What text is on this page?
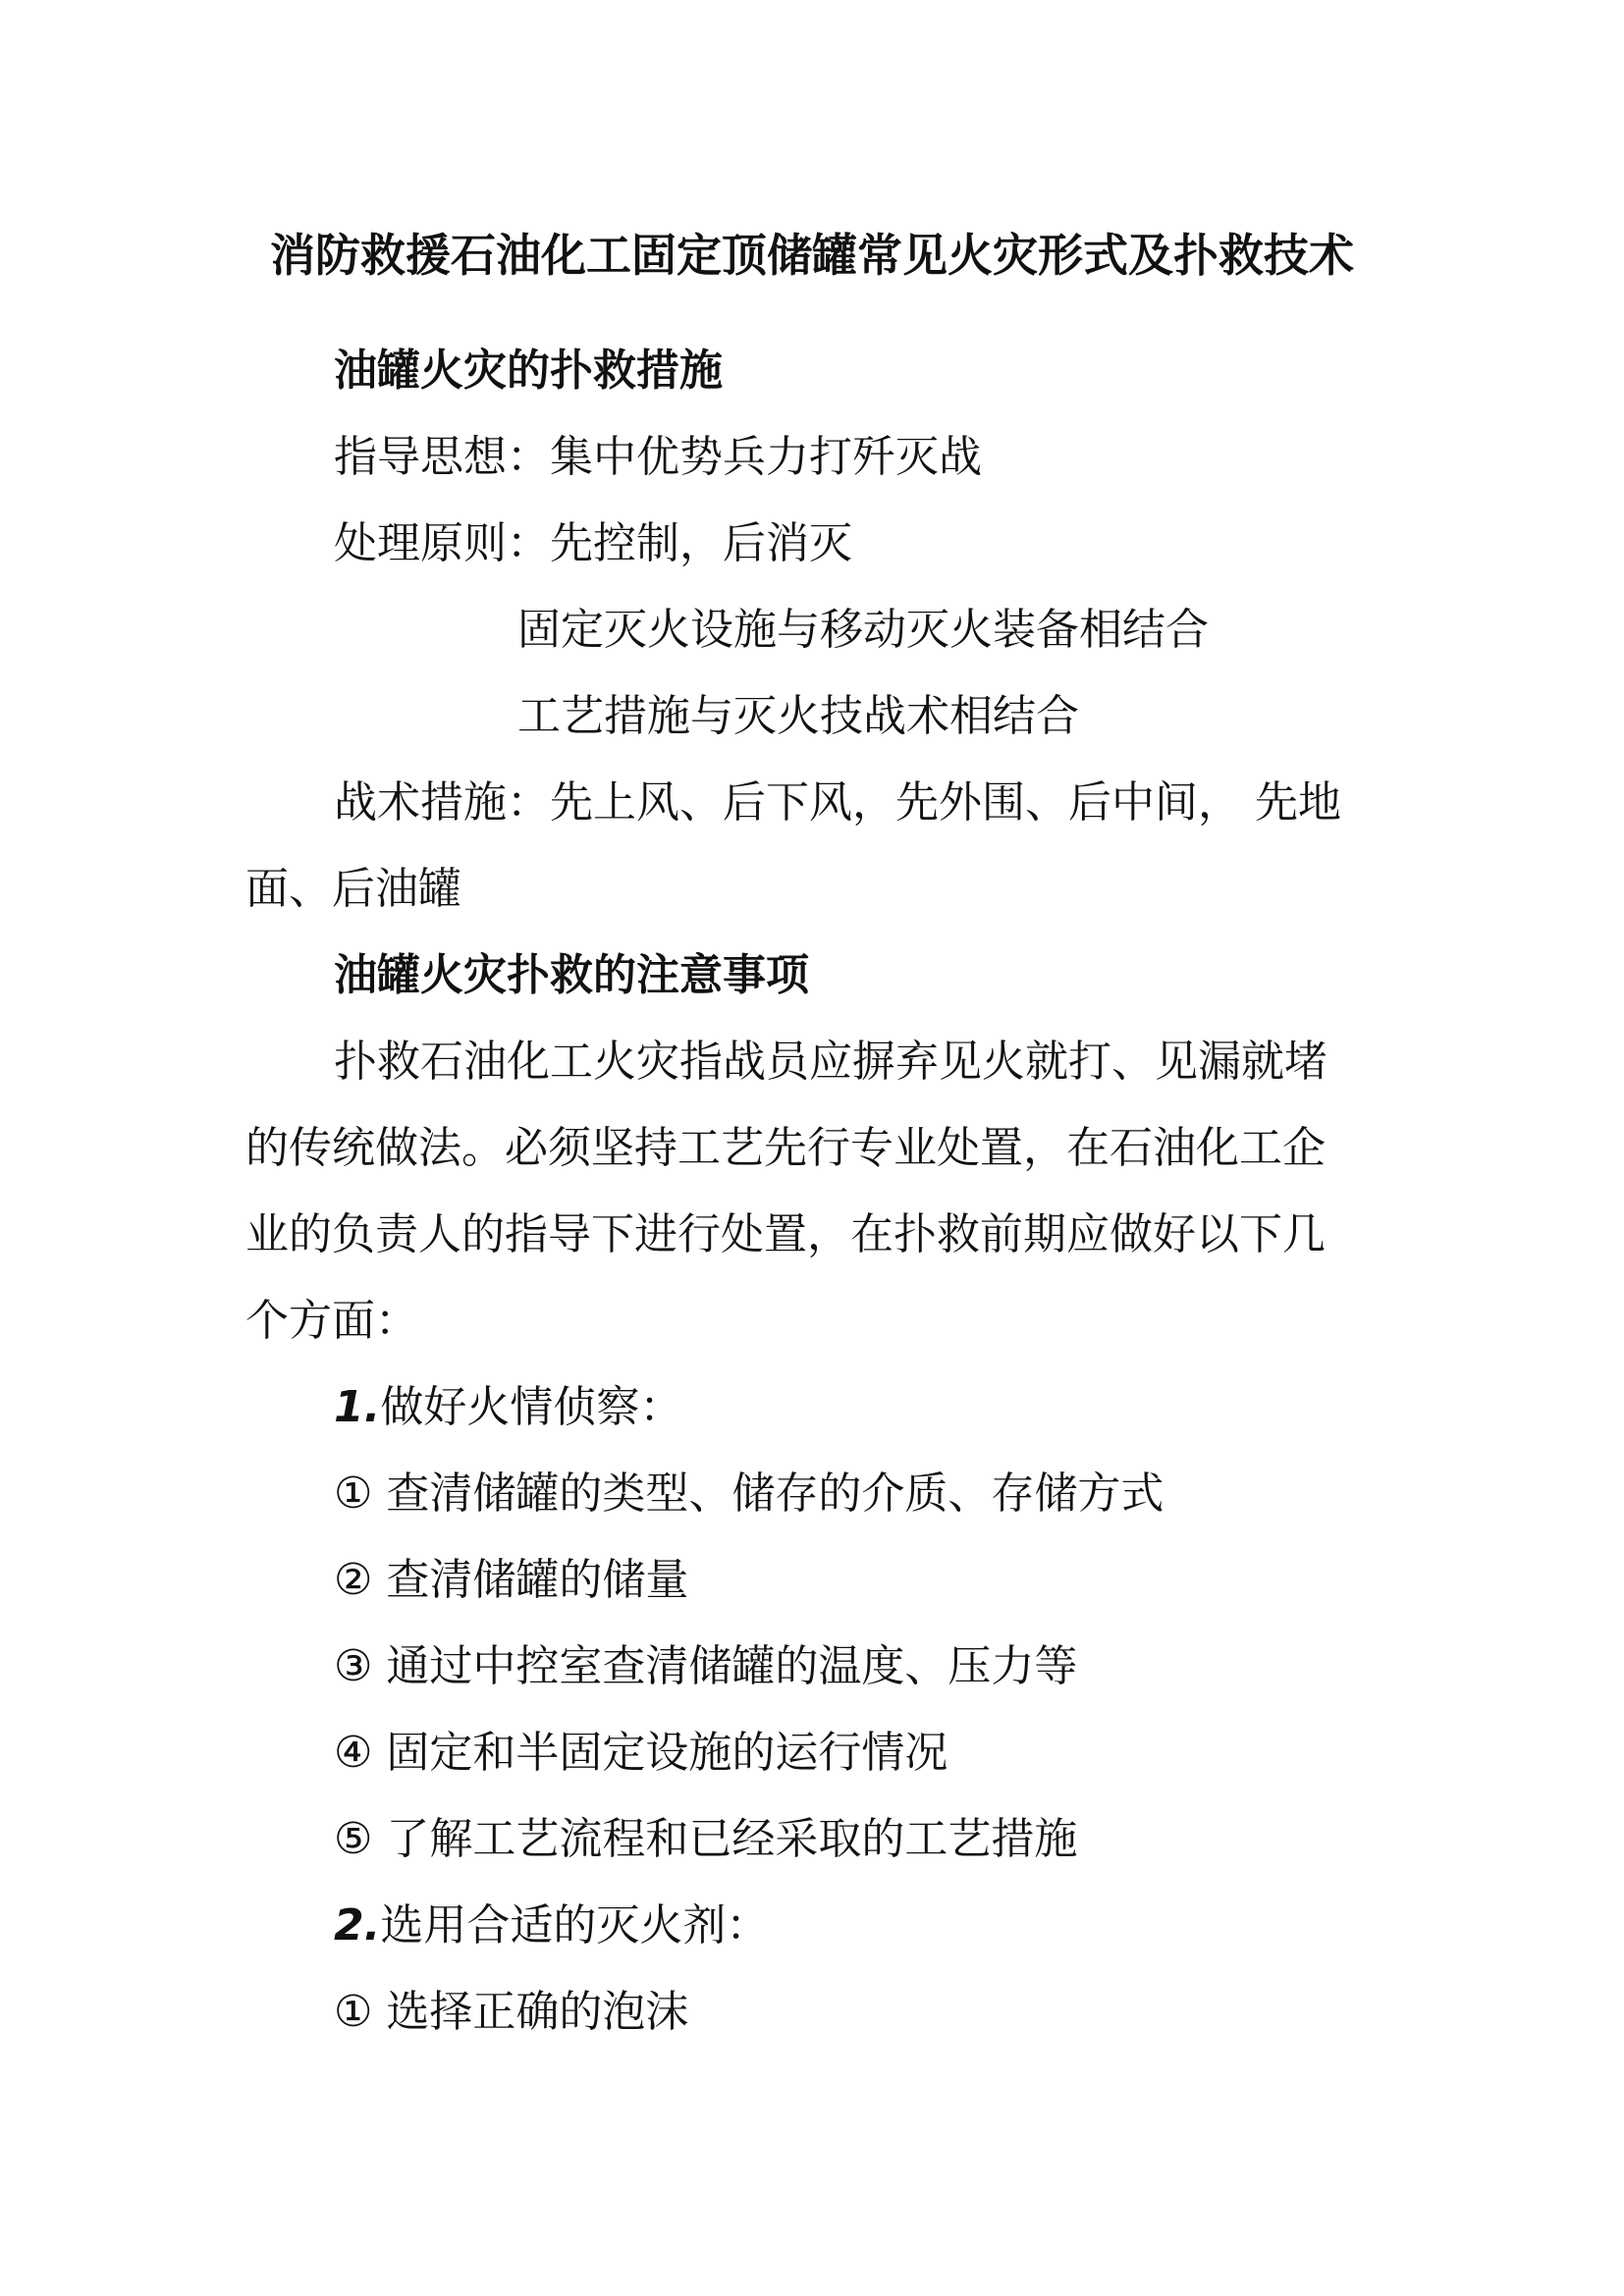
消防救援石油化工固定顶储罐常见火灾形式及扑救技术
油罐火灾的扑救措施
指导思想：集中优势兵力打歼灭战
处理原则：先控制，后消灭
固定灭火设施与移动灭火装备相结合
工艺措施与灭火技战术相结合
战术措施：先上风、后下风，先外围、后中间， 先地
面、后油罐
油罐火灾扑救的注意事项
扑救石油化工火灾指战员应摒弃见火就打、见漏就堵
的传统做法。必须坚持工艺先行专业处置，在石油化工企
业的负责人的指导下进行处置，在扑救前期应做好以下几
个方面：
1.做好火情侦察：
① 查清储罐的类型、储存的介质、存储方式
② 查清储罐的储量
③ 通过中控室查清储罐的温度、压力等
④ 固定和半固定设施的运行情况
⑤ 了解工艺流程和已经采取的工艺措施
2.选用合适的灭火剂：
① 选择正确的泡沫
